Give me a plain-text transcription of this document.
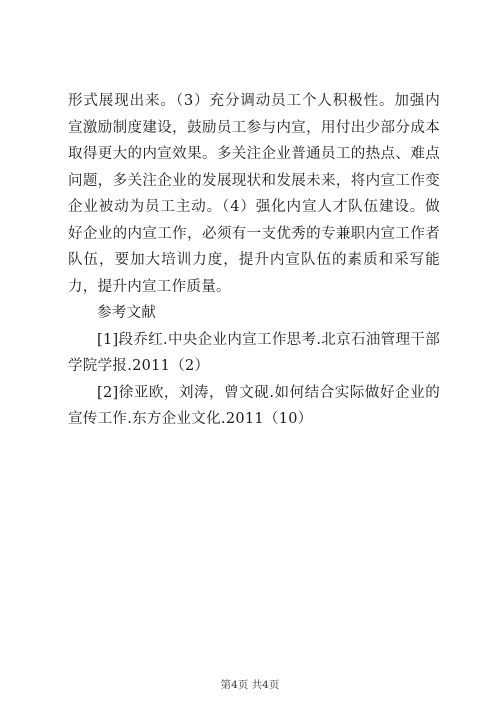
形式展现出来。（3）充分调动员工个人积极性。加强内宣激励制度建设，鼓励员工参与内宣，用付出少部分成本取得更大的内宣效果。多关注企业普通员工的热点、难点问题，多关注企业的发展现状和发展未来，将内宣工作变企业被动为员工主动。（4）强化内宣人才队伍建设。做好企业的内宣工作，必须有一支优秀的专兼职内宣工作者队伍，要加大培训力度，提升内宣队伍的素质和采写能力，提升内宣工作质量。

参考文献

[1]段乔红.中央企业内宣工作思考.北京石油管理干部学院学报.2011（2）

[2]徐亚欧，刘涛，曾文砚.如何结合实际做好企业的宣传工作.东方企业文化.2011（10）

第4页 共4页
